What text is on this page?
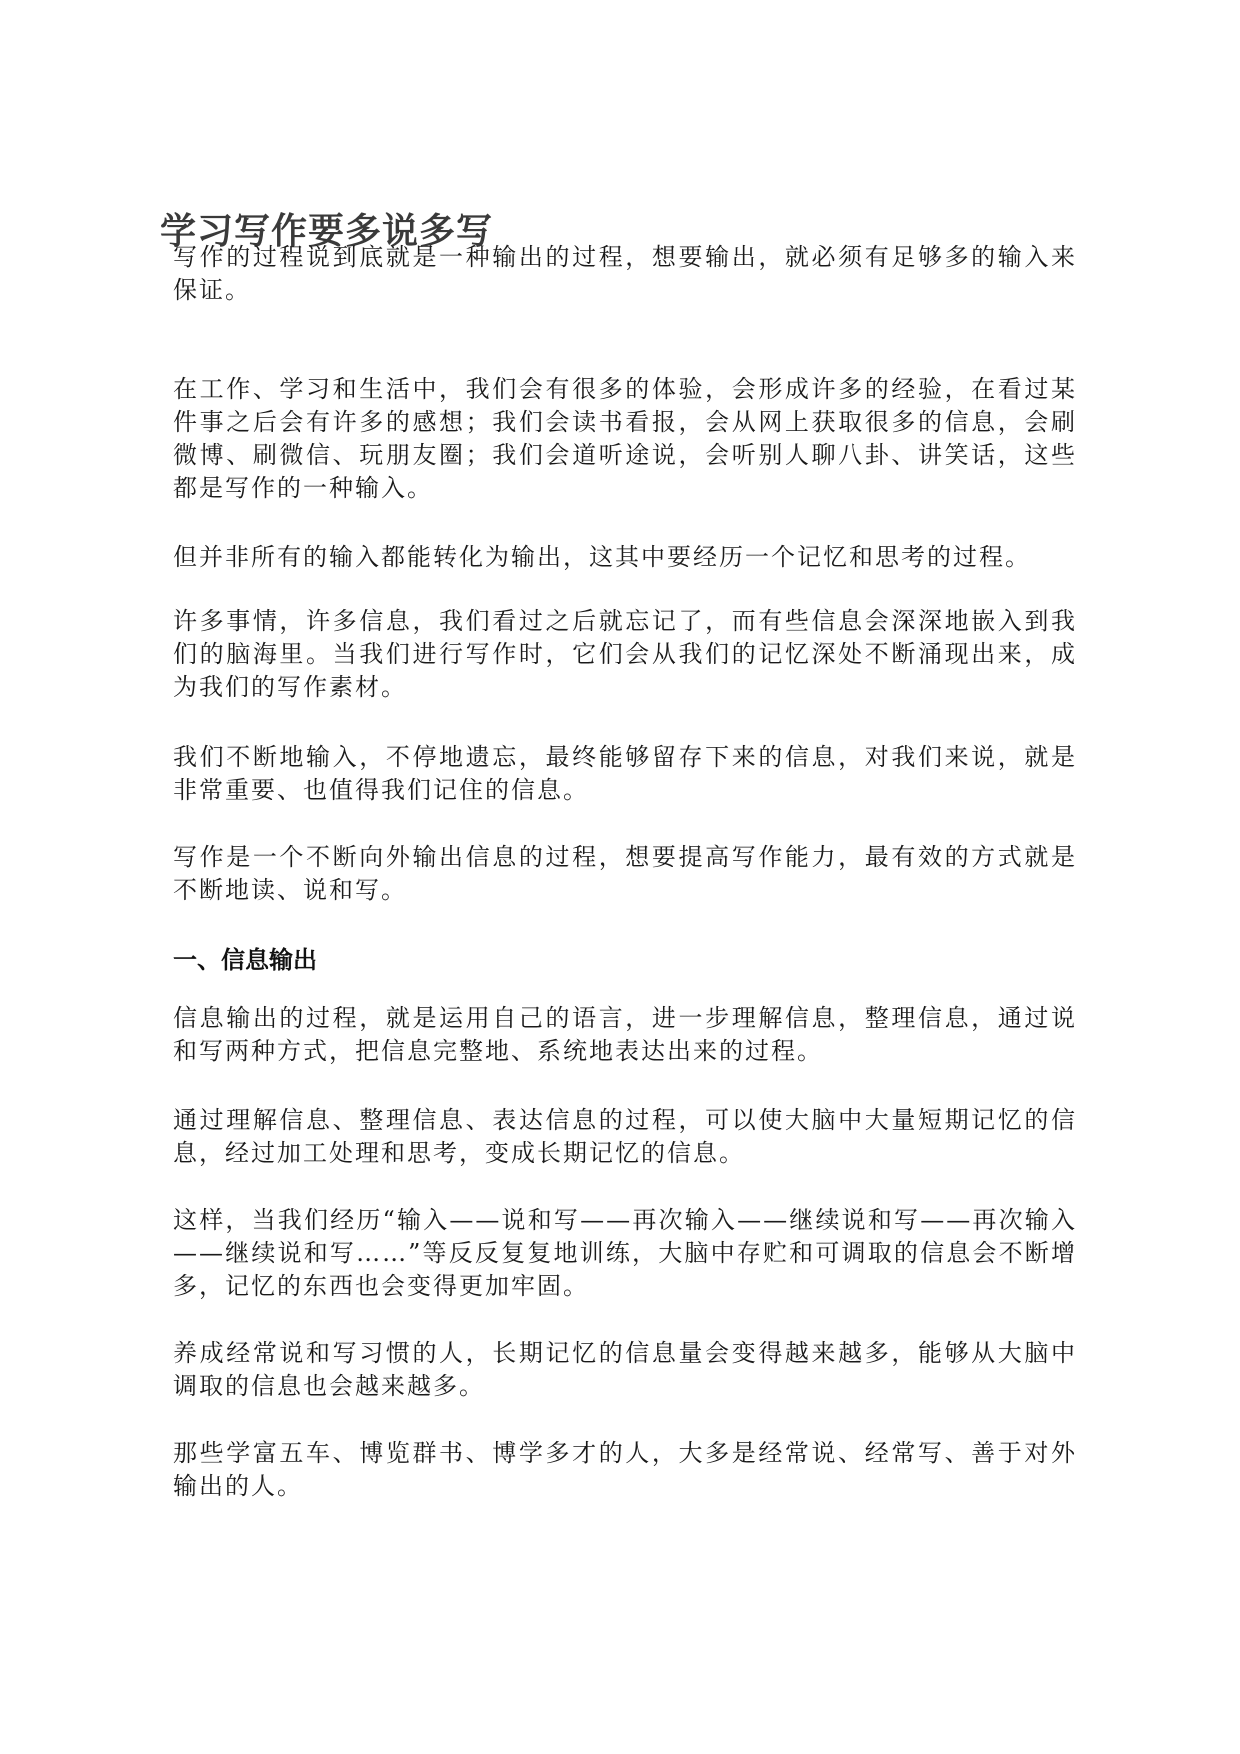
学习写作要多说多写
写作的过程说到底就是一种输出的过程，想要输出，就必须有足够多的输入来保证。
在工作、学习和生活中，我们会有很多的体验，会形成许多的经验，在看过某件事之后会有许多的感想；我们会读书看报，会从网上获取很多的信息，会刷微博、刷微信、玩朋友圈；我们会道听途说，会听别人聊八卦、讲笑话，这些都是写作的一种输入。
但并非所有的输入都能转化为输出，这其中要经历一个记忆和思考的过程。
许多事情，许多信息，我们看过之后就忘记了，而有些信息会深深地嵌入到我们的脑海里。当我们进行写作时，它们会从我们的记忆深处不断涌现出来，成为我们的写作素材。
我们不断地输入，不停地遗忘，最终能够留存下来的信息，对我们来说，就是非常重要、也值得我们记住的信息。
写作是一个不断向外输出信息的过程，想要提高写作能力，最有效的方式就是不断地读、说和写。
一、信息输出
信息输出的过程，就是运用自己的语言，进一步理解信息，整理信息，通过说和写两种方式，把信息完整地、系统地表达出来的过程。
通过理解信息、整理信息、表达信息的过程，可以使大脑中大量短期记忆的信息，经过加工处理和思考，变成长期记忆的信息。
这样，当我们经历“输入——说和写——再次输入——继续说和写——再次输入——继续说和写……”等反反复复地训练，大脑中存贮和可调取的信息会不断增多，记忆的东西也会变得更加牢固。
养成经常说和写习惯的人，长期记忆的信息量会变得越来越多，能够从大脑中调取的信息也会越来越多。
那些学富五车、博览群书、博学多才的人，大多是经常说、经常写、善于对外输出的人。
